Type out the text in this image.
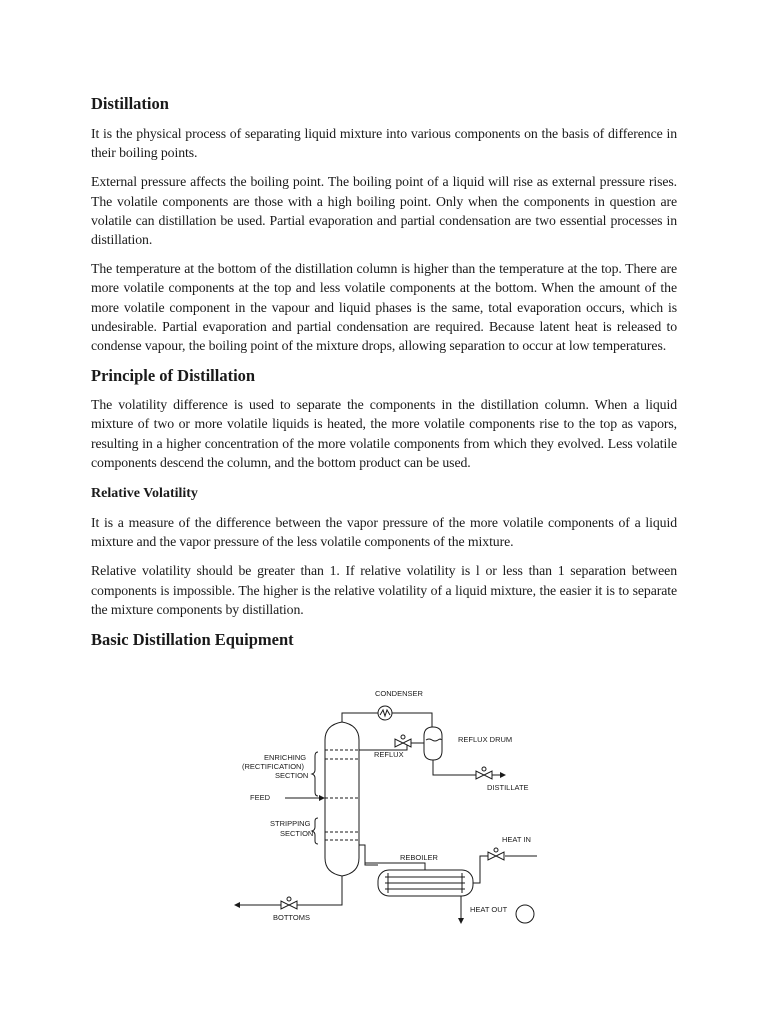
Distillation

It is the physical process of separating liquid mixture into various components on the basis of difference in their boiling points.

External pressure affects the boiling point. The boiling point of a liquid will rise as external pressure rises. The volatile components are those with a high boiling point. Only when the components in question are volatile can distillation be used. Partial evaporation and partial condensation are two essential processes in distillation.

The temperature at the bottom of the distillation column is higher than the temperature at the top. There are more volatile components at the top and less volatile components at the bottom. When the amount of the more volatile component in the vapour and liquid phases is the same, total evaporation occurs, which is undesirable. Partial evaporation and partial condensation are required. Because latent heat is released to condense vapour, the boiling point of the mixture drops, allowing separation to occur at low temperatures.

Principle of Distillation

The volatility difference is used to separate the components in the distillation column. When a liquid mixture of two or more volatile liquids is heated, the more volatile components rise to the top as vapors, resulting in a higher concentration of the more volatile components from which they evolved. Less volatile components descend the column, and the bottom product can be used.

Relative Volatility

It is a measure of the difference between the vapor pressure of the more volatile components of a liquid mixture and the vapor pressure of the less volatile components of the mixture.

Relative volatility should be greater than 1. If relative volatility is l or less than 1 separation between components is impossible. The higher is the relative volatility of a liquid mixture, the easier it is to separate the mixture components by distillation.

Basic Distillation Equipment
CONDENSER
REFLUX DRUM
REFLUX
ENRICHING
(RECTIFICATION)
SECTION
FEED
DISTILLATE
STRIPPING
SECTION
HEAT IN
REBOILER
HEAT OUT
BOTTOMS
